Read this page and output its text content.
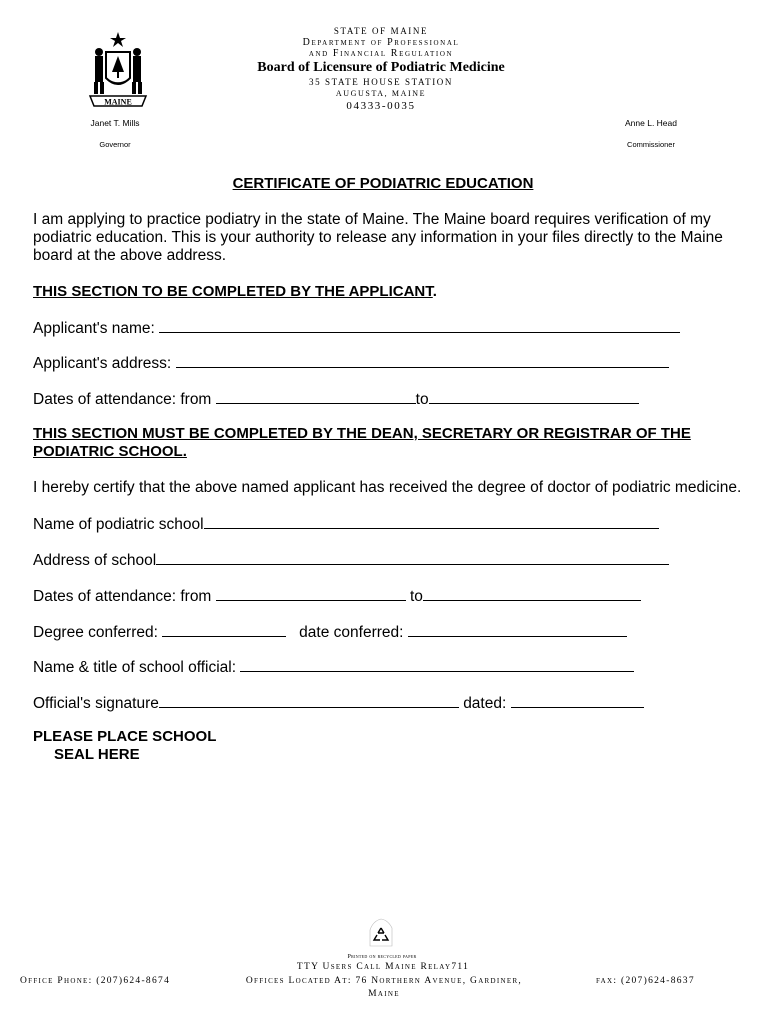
MAINE
STATE OF MAINE
Department of Professional
and Financial Regulation
Board of Licensure of Podiatric Medicine
35 STATE HOUSE STATION
AUGUSTA, MAINE
04333-0035
Janet T. Mills
Governor
Anne L. Head
Commissioner
CERTIFICATE OF PODIATRIC EDUCATION
I am applying to practice podiatry in the state of Maine. The Maine board requires verification of my podiatric education. This is your authority to release any information in your files directly to the Maine board at the above address.
THIS SECTION TO BE COMPLETED BY THE APPLICANT.
Applicant's name:
Applicant's address:
Dates of attendance: from	to
THIS SECTION MUST BE COMPLETED BY THE DEAN, SECRETARY OR REGISTRAR OF THE PODIATRIC SCHOOL.
I hereby certify that the above named applicant has received the degree of doctor of podiatric medicine.
Name of podiatric school
Address of school
Dates of attendance: from	to
Degree conferred:	date conferred:
Name & title of school official:
Official's signature	dated:
PLEASE PLACE SCHOOL
SEAL HERE
Printed on recycled paper
TTY Users Call Maine Relay711
Office Phone: (207)624-8674	Offices Located At: 76 Northern Avenue, Gardiner,
Maine
fax: (207)624-8637
